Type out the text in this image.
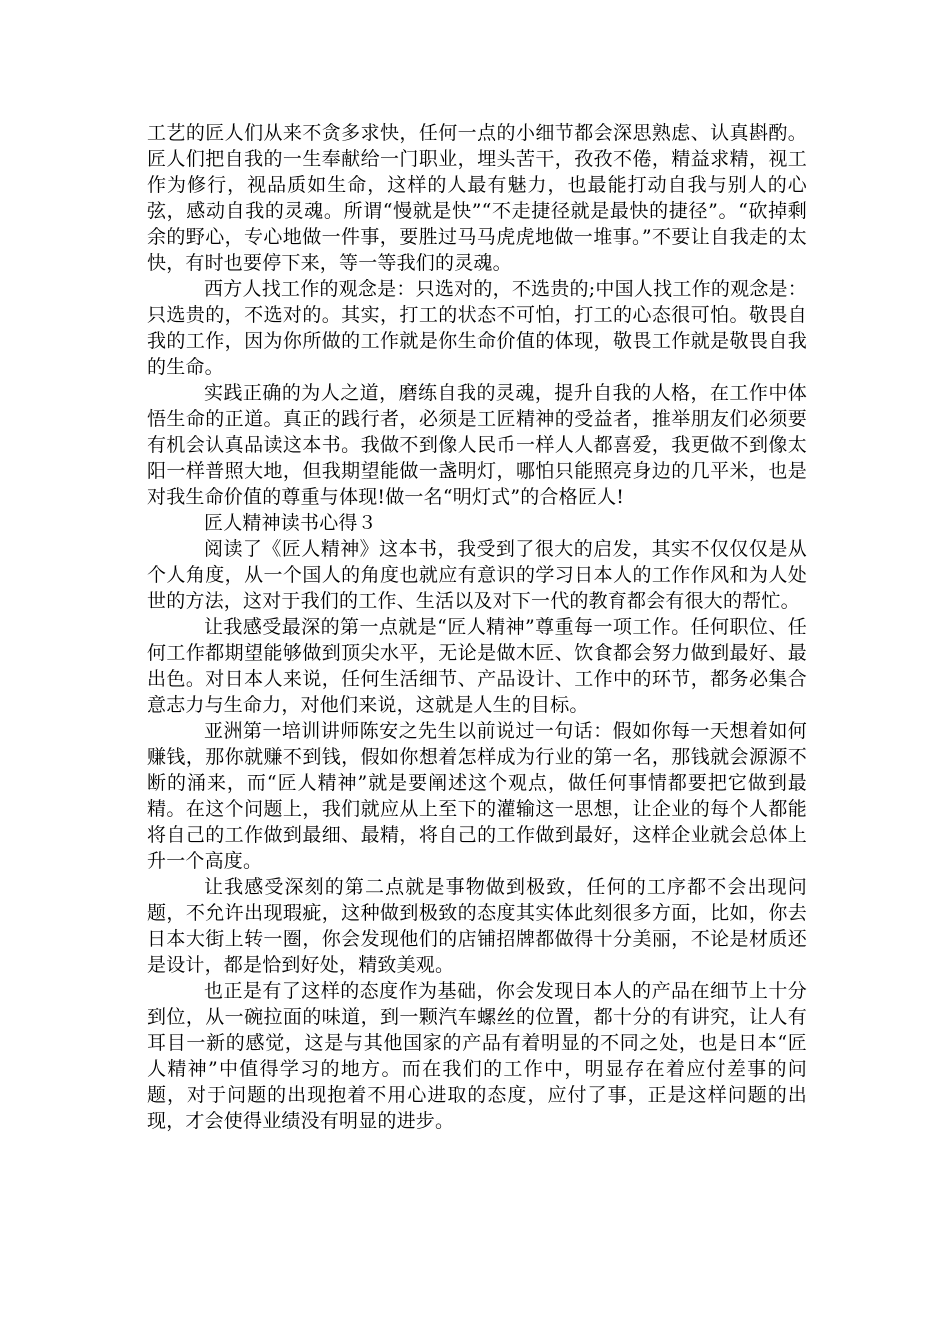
工艺的匠人们从来不贪多求快，任何一点的小细节都会深思熟虑、认真斟酌。匠人们把自我的一生奉献给一门职业，埋头苦干，孜孜不倦，精益求精，视工作为修行，视品质如生命，这样的人最有魅力，也最能打动自我与别人的心弦，感动自我的灵魂。所谓“慢就是快”“不走捷径就是最快的捷径”。“砍掉剩余的野心，专心地做一件事，要胜过马马虎虎地做一堆事。”不要让自我走的太快，有时也要停下来，等一等我们的灵魂。

西方人找工作的观念是：只选对的，不选贵的;中国人找工作的观念是：只选贵的，不选对的。其实，打工的状态不可怕，打工的心态很可怕。敬畏自我的工作，因为你所做的工作就是你生命价值的体现，敬畏工作就是敬畏自我的生命。

实践正确的为人之道，磨练自我的灵魂，提升自我的人格，在工作中体悟生命的正道。真正的践行者，必须是工匠精神的受益者，推举朋友们必须要有机会认真品读这本书。我做不到像人民币一样人人都喜爱，我更做不到像太阳一样普照大地，但我期望能做一盏明灯，哪怕只能照亮身边的几平米，也是对我生命价值的尊重与体现!做一名“明灯式”的合格匠人!

匠人精神读书心得３

阅读了《匠人精神》这本书，我受到了很大的启发，其实不仅仅仅是从个人角度，从一个国人的角度也就应有意识的学习日本人的工作作风和为人处世的方法，这对于我们的工作、生活以及对下一代的教育都会有很大的帮忙。

让我感受最深的第一点就是“匠人精神”尊重每一项工作。任何职位、任何工作都期望能够做到顶尖水平，无论是做木匠、饮食都会努力做到最好、最出色。对日本人来说，任何生活细节、产品设计、工作中的环节，都务必集合意志力与生命力，对他们来说，这就是人生的目标。

亚洲第一培训讲师陈安之先生以前说过一句话：假如你每一天想着如何赚钱，那你就赚不到钱，假如你想着怎样成为行业的第一名，那钱就会源源不断的涌来，而“匠人精神”就是要阐述这个观点，做任何事情都要把它做到最精。在这个问题上，我们就应从上至下的灌输这一思想，让企业的每个人都能将自己的工作做到最细、最精，将自己的工作做到最好，这样企业就会总体上升一个高度。

让我感受深刻的第二点就是事物做到极致，任何的工序都不会出现问题，不允许出现瑕疵，这种做到极致的态度其实体此刻很多方面，比如，你去日本大街上转一圈，你会发现他们的店铺招牌都做得十分美丽，不论是材质还是设计，都是恰到好处，精致美观。

也正是有了这样的态度作为基础，你会发现日本人的产品在细节上十分到位，从一碗拉面的味道，到一颗汽车螺丝的位置，都十分的有讲究，让人有耳目一新的感觉，这是与其他国家的产品有着明显的不同之处，也是日本“匠人精神”中值得学习的地方。而在我们的工作中，明显存在着应付差事的问题，对于问题的出现抱着不用心进取的态度，应付了事，正是这样问题的出现，才会使得业绩没有明显的进步。
